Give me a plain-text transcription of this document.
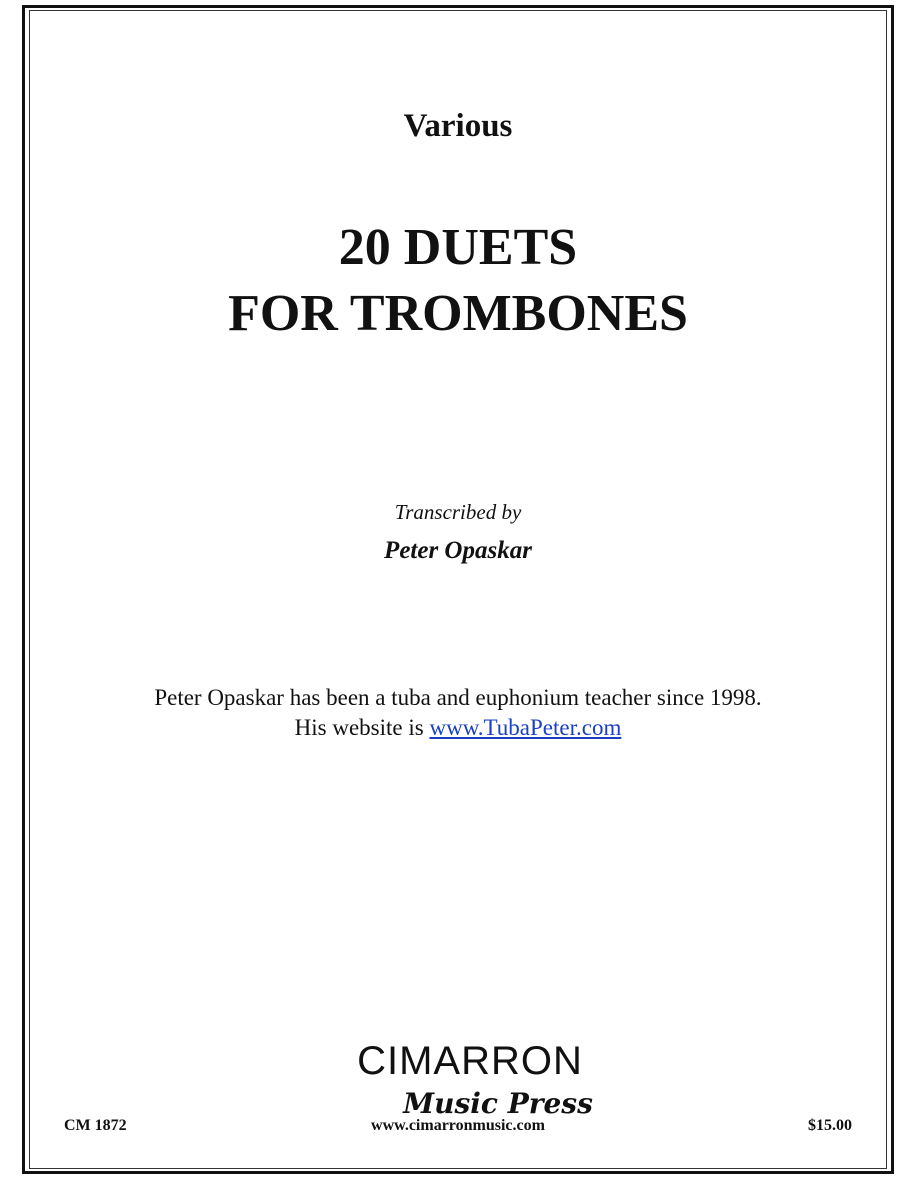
Various
20 DUETS
FOR TROMBONES
Transcribed by
Peter Opaskar
Peter Opaskar has been a tuba and euphonium teacher since 1998.
His website is www.TubaPeter.com
CIMARRON
Music Press
CM 1872	www.cimarronmusic.com	$15.00
